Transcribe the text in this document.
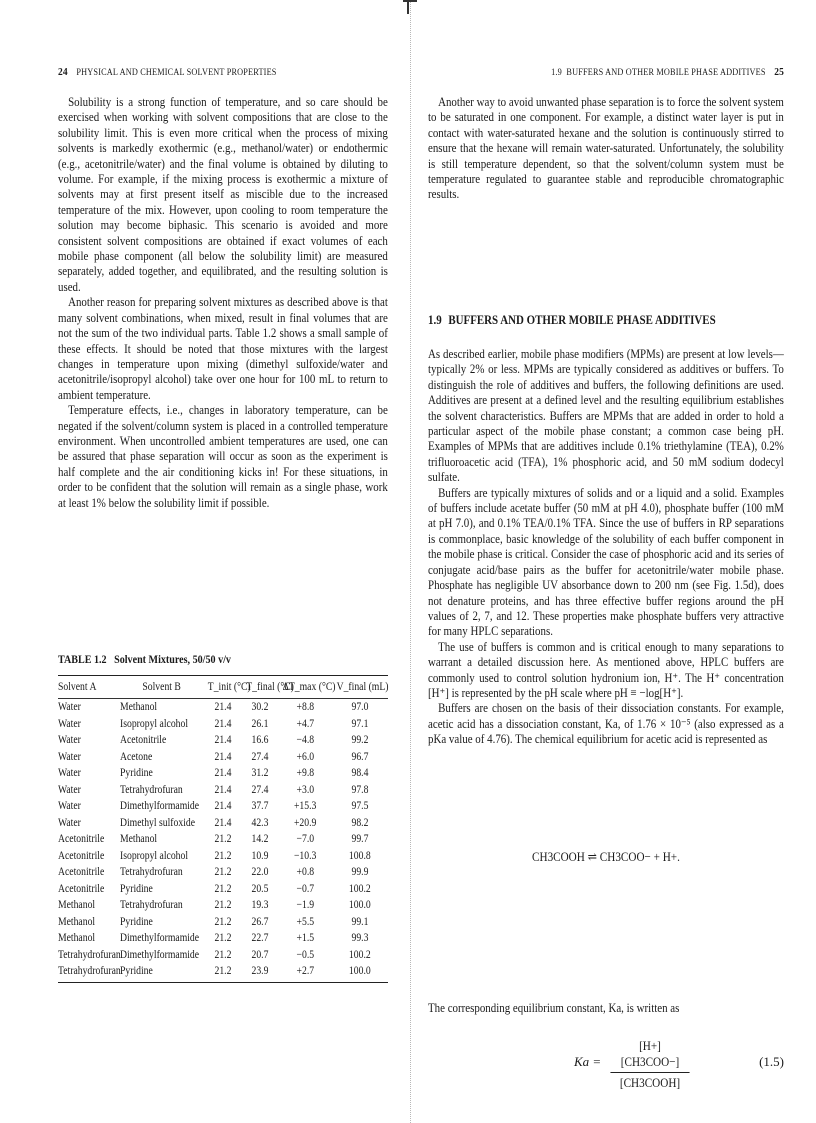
24 PHYSICAL AND CHEMICAL SOLVENT PROPERTIES

Solubility is a strong function of temperature, and so care should be exercised when working with solvent compositions that are close to the solubility limit. This is even more critical when the process of mixing solvents is markedly exothermic (e.g., methanol/water) or endothermic (e.g., acetonitrile/water) and the final volume is obtained by diluting to volume. For example, if the mixing process is exothermic a mixture of solvents may at first present itself as miscible due to the increased temperature of the mix. However, upon cooling to room temperature the solution may become biphasic. This scenario is avoided and more consistent solvent compositions are obtained if exact volumes of each mobile phase component (all below the solubility limit) are measured separately, added together, and equilibrated, and the resulting solution is used.

Another reason for preparing solvent mixtures as described above is that many solvent combinations, when mixed, result in final volumes that are not the sum of the two individual parts. Table 1.2 shows a small sample of these effects. It should be noted that those mixtures with the largest changes in temperature upon mixing (dimethyl sulfoxide/water and acetonitrile/isopropyl alcohol) take over one hour for 100 mL to return to ambient temperature.

Temperature effects, i.e., changes in laboratory temperature, can be negated if the solvent/column system is placed in a controlled temperature environment. When uncontrolled ambient temperatures are used, one can be assured that phase separation will occur as soon as the experiment is half complete and the air conditioning kicks in! For these situations, in order to be confident that the solution will remain as a single phase, work at least 1% below the solubility limit if possible.

TABLE 1.2 Solvent Mixtures, 50/50 v/v
Solvent A	Solvent B	T_init (°C)	T_final (°C)	ΔT_max (°C)	V_final (mL)
Water	Methanol	21.4	30.2	+8.8	97.0
Water	Isopropyl alcohol	21.4	26.1	+4.7	97.1
Water	Acetonitrile	21.4	16.6	−4.8	99.2
Water	Acetone	21.4	27.4	+6.0	96.7
Water	Pyridine	21.4	31.2	+9.8	98.4
Water	Tetrahydrofuran	21.4	27.4	+3.0	97.8
Water	Dimethylformamide	21.4	37.7	+15.3	97.5
Water	Dimethyl sulfoxide	21.4	42.3	+20.9	98.2
Acetonitrile	Methanol	21.2	14.2	−7.0	99.7
Acetonitrile	Isopropyl alcohol	21.2	10.9	−10.3	100.8
Acetonitrile	Tetrahydrofuran	21.2	22.0	+0.8	99.9
Acetonitrile	Pyridine	21.2	20.5	−0.7	100.2
Methanol	Tetrahydrofuran	21.2	19.3	−1.9	100.0
Methanol	Pyridine	21.2	26.7	+5.5	99.1
Methanol	Dimethylformamide	21.2	22.7	+1.5	99.3
Tetrahydrofuran	Dimethylformamide	21.2	20.7	−0.5	100.2
Tetrahydrofuran	Pyridine	21.2	23.9	+2.7	100.0
1.9 BUFFERS AND OTHER MOBILE PHASE ADDITIVES 25

Another way to avoid unwanted phase separation is to force the solvent system to be saturated in one component. For example, a distinct water layer is put in contact with water-saturated hexane and the solution is continuously stirred to ensure that the hexane will remain water-saturated. Unfortunately, the solubility is still temperature dependent, so that the solvent/column system must be temperature regulated to guarantee stable and reproducible chromatographic results.

1.9 BUFFERS AND OTHER MOBILE PHASE ADDITIVES

As described earlier, mobile phase modifiers (MPMs) are present at low levels—typically 2% or less. MPMs are typically considered as additives or buffers. To distinguish the role of additives and buffers, the following definitions are used. Additives are present at a defined level and the resulting equilibrium establishes the solvent characteristics. Buffers are MPMs that are added in order to hold a particular aspect of the mobile phase constant; a common case being pH. Examples of MPMs that are additives include 0.1% triethylamine (TEA), 0.2% trifluoroacetic acid (TFA), 1% phosphoric acid, and 50 mM sodium dodecyl sulfate.

Buffers are typically mixtures of solids and or a liquid and a solid. Examples of buffers include acetate buffer (50 mM at pH 4.0), phosphate buffer (100 mM at pH 7.0), and 0.1% TEA/0.1% TFA. Since the use of buffers in RP separations is commonplace, basic knowledge of the solubility of each buffer component in the mobile phase is critical. Consider the case of phosphoric acid and its series of conjugate acid/base pairs as the buffer for acetonitrile/water mobile phase. Phosphate has negligible UV absorbance down to 200 nm (see Fig. 1.5d), does not denature proteins, and has three effective buffer regions around the pH values of 2, 7, and 12. These properties make phosphate buffers very attractive for many HPLC separations.

The use of buffers is common and is critical enough to many separations to warrant a detailed discussion here. As mentioned above, HPLC buffers are commonly used to control solution hydronium ion, H⁺. The H⁺ concentration [H⁺] is represented by the pH scale where pH ≡ −log[H⁺].

Buffers are chosen on the basis of their dissociation constants. For example, acetic acid has a dissociation constant, Ka, of 1.76 × 10⁻⁵ (also expressed as a pKa value of 4.76). The chemical equilibrium for acetic acid is represented as

CH3COOH ⇌ CH3COO− + H+.

The corresponding equilibrium constant, Ka, is written as

Ka =
[H+][CH3COO−]
[CH3COOH]
(1.5)
